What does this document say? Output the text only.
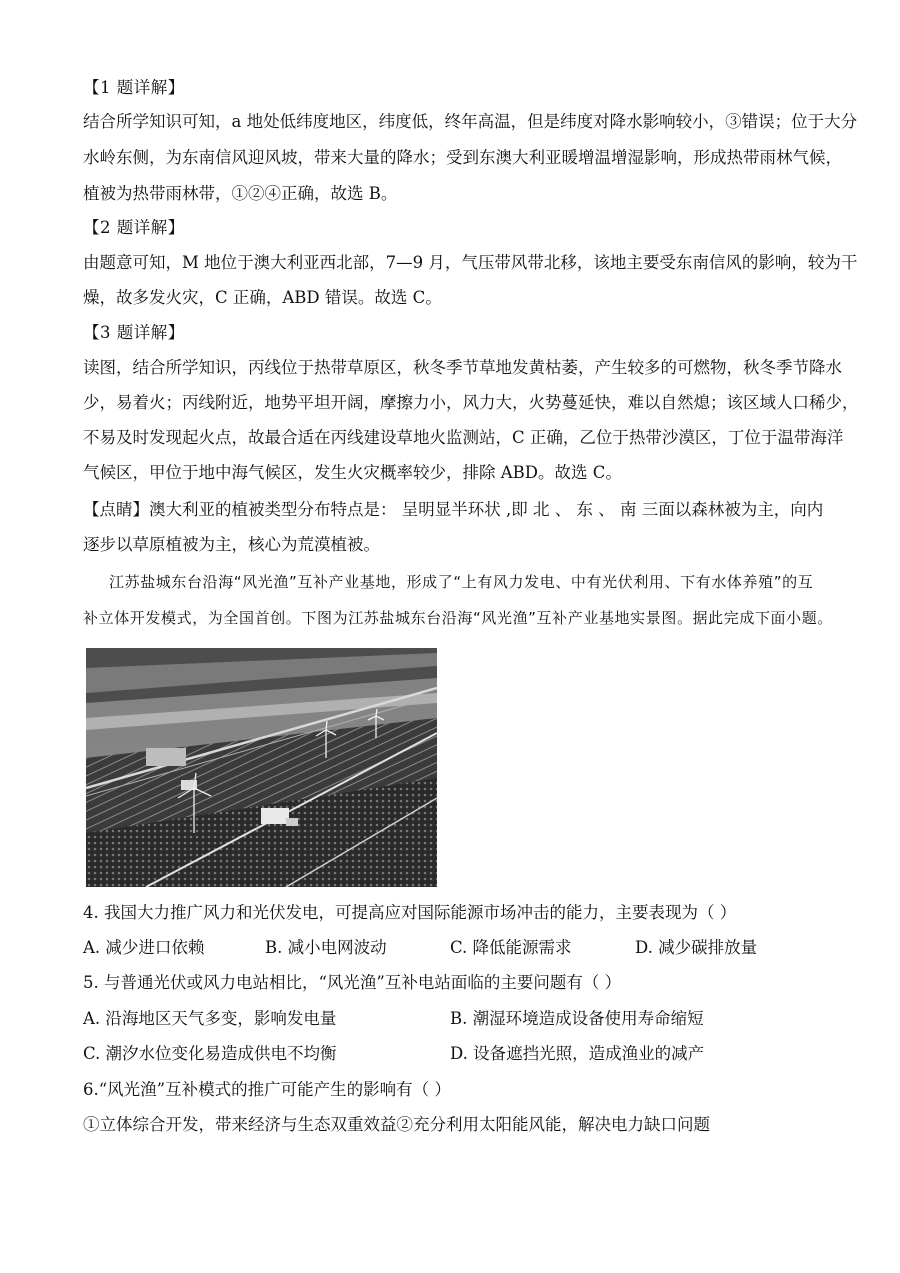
【1 题详解】
结合所学知识可知，a 地处低纬度地区，纬度低，终年高温，但是纬度对降水影响较小，③错误；位于大分
水岭东侧，为东南信风迎风坡，带来大量的降水；受到东澳大利亚暖增温增湿影响，形成热带雨林气候，
植被为热带雨林带，①②④正确，故选 B。
【2 题详解】
由题意可知，M 地位于澳大利亚西北部，7—9 月，气压带风带北移，该地主要受东南信风的影响，较为干
燥，故多发火灾，C 正确，ABD 错误。故选 C。
【3 题详解】
读图，结合所学知识，丙线位于热带草原区，秋冬季节草地发黄枯萎，产生较多的可燃物，秋冬季节降水
少，易着火；丙线附近，地势平坦开阔，摩擦力小，风力大，火势蔓延快，难以自然熄；该区域人口稀少，
不易及时发现起火点，故最合适在丙线建设草地火监测站，C 正确，乙位于热带沙漠区，丁位于温带海洋
气候区，甲位于地中海气候区，发生火灾概率较少，排除 ABD。故选 C。
【点睛】澳大利亚的植被类型分布特点是： 呈明显半环状 ,即 北 、 东 、 南 三面以森林被为主，向内
逐步以草原植被为主，核心为荒漠植被。
江苏盐城东台沿海“风光渔”互补产业基地，形成了“上有风力发电、中有光伏利用、下有水体养殖”的互
补立体开发模式，为全国首创。下图为江苏盐城东台沿海“风光渔”互补产业基地实景图。据此完成下面小题。
4. 我国大力推广风力和光伏发电，可提高应对国际能源市场冲击的能力，主要表现为（ ）
A. 减少进口依赖	B. 减小电网波动	C. 降低能源需求	D. 减少碳排放量
5. 与普通光伏或风力电站相比，“风光渔”互补电站面临的主要问题有（ ）
A. 沿海地区天气多变，影响发电量	B. 潮湿环境造成设备使用寿命缩短
C. 潮汐水位变化易造成供电不均衡	D. 设备遮挡光照，造成渔业的减产
6.“风光渔”互补模式的推广可能产生的影响有（ ）
①立体综合开发，带来经济与生态双重效益②充分利用太阳能风能，解决电力缺口问题
